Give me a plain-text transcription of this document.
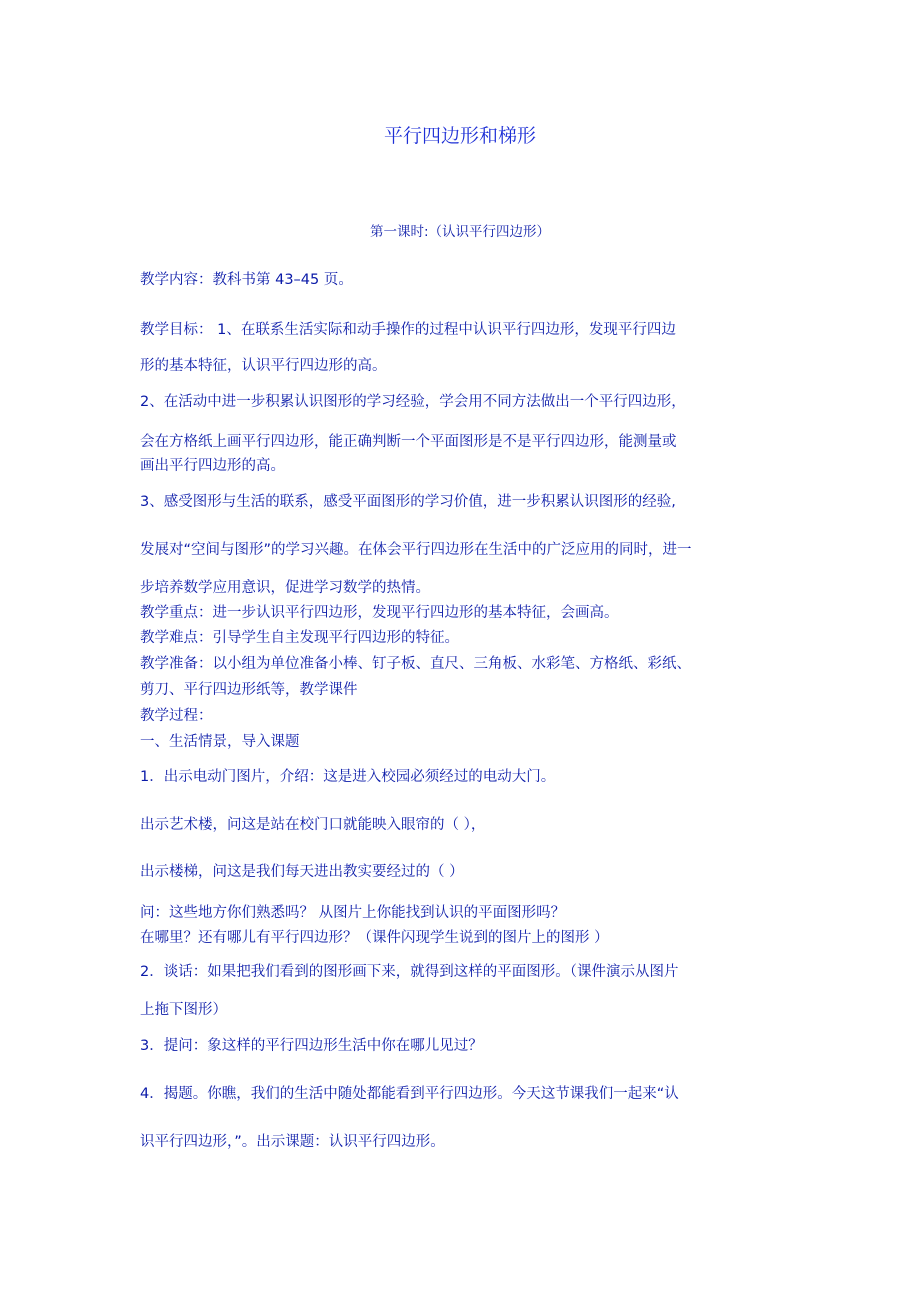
平行四边形和梯形
第一课时:（认识平行四边形）
教学内容：教科书第 43–45 页。
教学目标： 1、在联系生活实际和动手操作的过程中认识平行四边形，发现平行四边
形的基本特征，认识平行四边形的高。
2、在活动中进一步积累认识图形的学习经验，学会用不同方法做出一个平行四边形，
会在方格纸上画平行四边形，能正确判断一个平面图形是不是平行四边形，能测量或
画出平行四边形的高。
3、感受图形与生活的联系，感受平面图形的学习价值，进一步积累认识图形的经验,
发展对“空间与图形”的学习兴趣。在体会平行四边形在生活中的广泛应用的同时，进一
步培养数学应用意识，促进学习数学的热情。
教学重点：进一步认识平行四边形，发现平行四边形的基本特征，会画高。
教学难点：引导学生自主发现平行四边形的特征。
教学准备：以小组为单位准备小棒、钉子板、直尺、三角板、水彩笔、方格纸、彩纸、
剪刀、平行四边形纸等，教学课件
教学过程：
一、生活情景，导入课题
1．出示电动门图片，介绍：这是进入校园必须经过的电动大门。
出示艺术楼，问这是站在校门口就能映入眼帘的（ ），
出示楼梯，问这是我们每天进出教实要经过的（ ）
问：这些地方你们熟悉吗？ 从图片上你能找到认识的平面图形吗？
在哪里？还有哪儿有平行四边形？（课件闪现学生说到的图片上的图形 ）
2．谈话：如果把我们看到的图形画下来，就得到这样的平面图形。（课件演示从图片
上拖下图形）
3．提问：象这样的平行四边形生活中你在哪儿见过？
4．揭题。你瞧，我们的生活中随处都能看到平行四边形。今天这节课我们一起来“认
识平行四边形，”。出示课题：认识平行四边形。
